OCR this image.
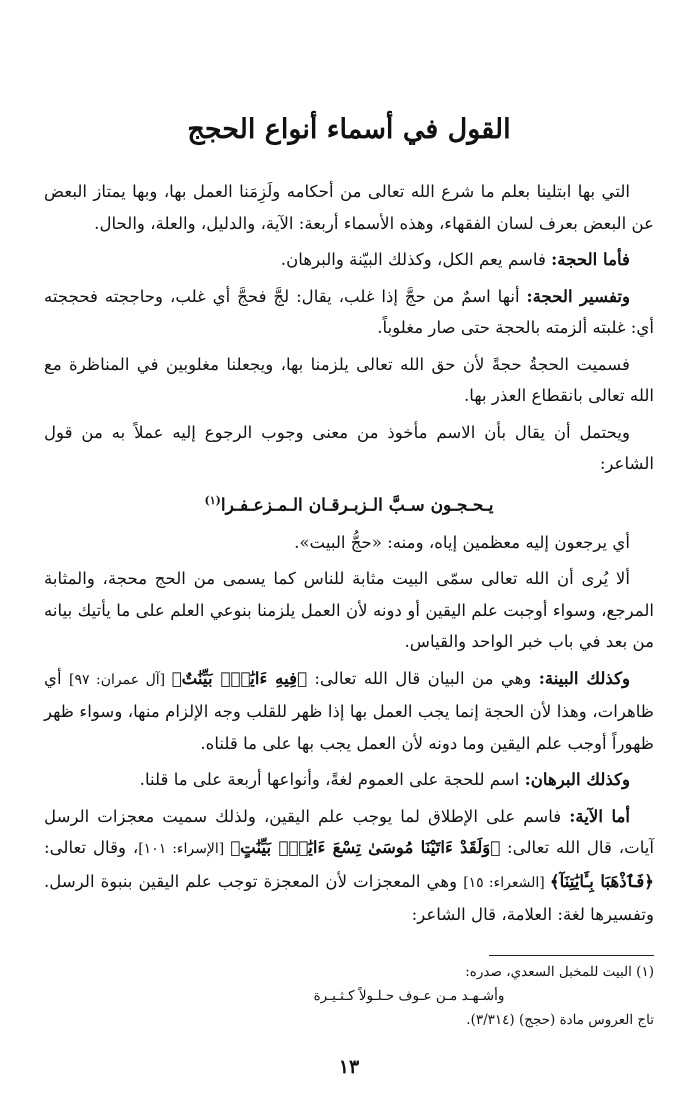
القول في أسماء أنواع الحجج

التي بها ابتلينا بعلم ما شرع الله تعالى من أحكامه ولَزِمَنا العمل بها، وبها يمتاز البعض عن البعض بعرف لسان الفقهاء، وهذه الأسماء أربعة: الآية، والدليل، والعلة، والحال.

فأما الحجة: فاسم يعم الكل، وكذلك البيّنة والبرهان.

وتفسير الحجة: أنها اسمٌ من حجَّ إذا غلب، يقال: لجَّ فحجَّ أي غلب، وحاججته فحججته أي: غلبته ألزمته بالحجة حتى صار مغلوباً.

فسميت الحجةُ حجةً لأن حق الله تعالى يلزمنا بها، ويجعلنا مغلوبين في المناظرة مع الله تعالى بانقطاع العذر بها.

ويحتمل أن يقال بأن الاسم مأخوذ من معنى وجوب الرجوع إليه عملاً به من قول الشاعر:

يـحـجـون سـبَّ الـزبـرقـان الـمـزعـفـرا$^{(١)}$

أي يرجعون إليه معظمين إياه، ومنه: «حجُّ البيت».

ألا يُرى أن الله تعالى سمّى البيت مثابة للناس كما يسمى من الحج محجة، والمثابة المرجع، وسواء أوجبت علم اليقين أو دونه لأن العمل يلزمنا بنوعي العلم على ما يأتيك بيانه من بعد في باب خبر الواحد والقياس.

وكذلك البينة: وهي من البيان قال الله تعالى: ﴿فِيهِ ءَايَٰتُۢ بَيِّنَٰتٌ﴾ [آل عمران: ٩٧] أي ظاهرات، وهذا لأن الحجة إنما يجب العمل بها إذا ظهر للقلب وجه الإلزام منها، وسواء ظهر ظهوراً أوجب علم اليقين وما دونه لأن العمل يجب بها على ما قلناه.

وكذلك البرهان: اسم للحجة على العموم لغةً، وأنواعها أربعة على ما قلنا.

أما الآية: فاسم على الإطلاق لما يوجب علم اليقين، ولذلك سميت معجزات الرسل آيات، قال الله تعالى: ﴿وَلَقَدْ ءَاتَيْنَا مُوسَىٰ تِسْعَ ءَايَٰتٍۭ بَيِّنَٰتٍ﴾ [الإسراء: ١٠١]، وقال تعالى: ﴿فَٱذْهَبَا بِـَٔايَٰتِنَآ﴾ [الشعراء: ١٥] وهي المعجزات لأن المعجزة توجب علم اليقين بنبوة الرسل. وتفسيرها لغة: العلامة، قال الشاعر:

(١) البيت للمخبل السعدي، صدره:

وأشـهـد مـن عـوف حـلـولاً كـثـيـرة

تاج العروس مادة (حجج) (٣/٣١٤).

١٣
